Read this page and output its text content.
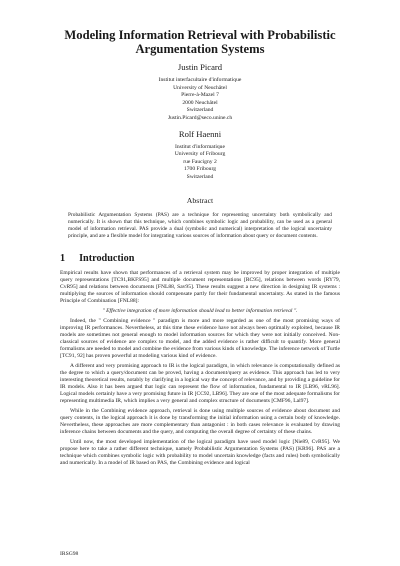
Modeling Information Retrieval with Probabilistic
Argumentation Systems
Justin Picard
Institut interfacultaire d'informatique
University of Neuchâtel
Pierre-à-Mazel 7
2000 Neuchâtel
Switzerland
Justin.Picard@seco.unine.ch
Rolf Haenni
Institut d'informatique
University of Fribourg
rue Faucigny 2
1700 Fribourg
Switzerland
Abstract

Probabilistic Argumentation Systems (PAS) are a technique for representing uncertainty both symbolically and numerically. It is shown that this technique, which combines symbolic logic and probability, can be used as a general model of information retrieval. PAS provide a dual (symbolic and numerical) interpretation of the logical uncertainty principle, and are a flexible model for integrating various sources of information about query or document contents.

1 Introduction

Empirical results have shown that performances of a retrieval system may be improved by proper integration of multiple query representations [TC91,BKFS95] and multiple document representations [RC95], relations between words [RY79, CvR95] and relations between documents [FNL88, Sav95]. These results suggest a new direction in designing IR systems : multiplying the sources of information should compensate partly for their fundamental uncertainty. As stated in the famous Principle of Combination [FNL88]:

" Effective integration of more information should lead to better information retrieval ".

Indeed, the " Combining evidence " paradigm is more and more regarded as one of the most promising ways of improving IR performances. Nevertheless, at this time these evidence have not always been optimally exploited, because IR models are sometimes not general enough to model information sources for which they were not initially conceived. Non-classical sources of evidence are complex to model, and the added evidence is rather difficult to quantify. More general formalisms are needed to model and combine the evidence from various kinds of knowledge. The inference network of Turtle [TC91, 92] has proven powerful at modeling various kind of evidence.

A different and very promising approach to IR is the logical paradigm, in which relevance is computationally defined as the degree to which a query/document can be proved, having a document/query as evidence. This approach has led to very interesting theoretical results, notably by clarifying in a logical way the concept of relevance, and by providing a guideline for IR models. Also it has been argued that logic can represent the flow of information, fundamental to IR [LB96, vRL96]. Logical models certainly have a very promising future in IR [CC92, LB96]. They are one of the most adequate formalisms for representing multimedia IR, which implies a very general and complex structure of documents [CMF96, Lal97].

While in the Combining evidence approach, retrieval is done using multiple sources of evidence about document and query contents, in the logical approach it is done by transforming the initial information using a certain body of knowledge. Nevertheless, these approaches are more complementary than antagonist : in both cases relevance is evaluated by drawing inference chains between documents and the query, and computing the overall degree of certainty of these chains.

Until now, the most developed implementation of the logical paradigm have used model logic [Nie89, CvR95]. We propose here to take a rather different technique, namely Probabilistic Argumentation Systems (PAS) [KR96]. PAS are a technique which combines symbolic logic with probability to model uncertain knowledge (facts and rules) both symbolically and numerically. In a model of IR based on PAS, the Combining evidence and logical

IRSG98
